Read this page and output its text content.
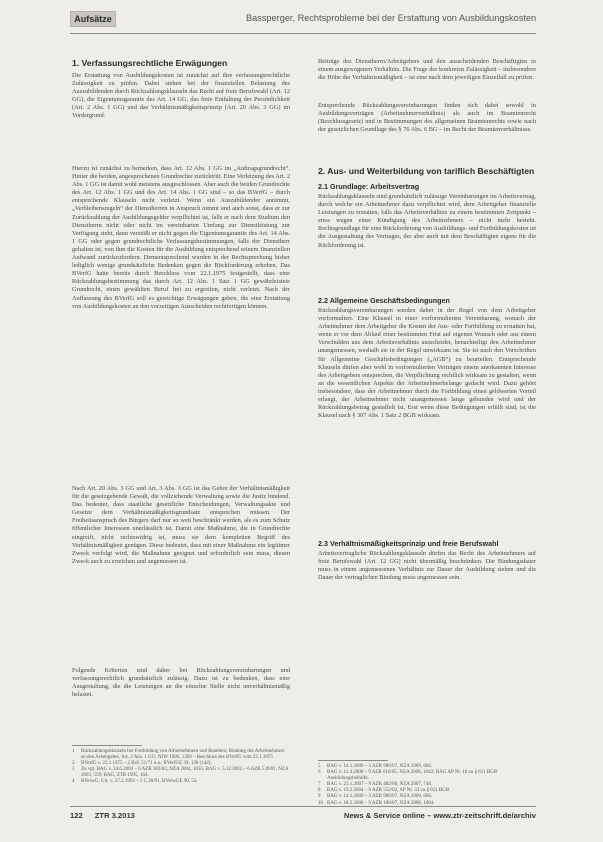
Aufsätze	Bassperger, Rechtsprobleme bei der Erstattung von Ausbildungskosten
1. Verfassungsrechtliche Erwägungen

Die Erstattung von Ausbildungskosten ist zunächst auf ihre verfassungsrechtliche Zulässigkeit zu prüfen. Dabei stehen bei der finanziellen Belastung des Auszubildenden durch Rückzahlungsklauseln das Recht auf freie Berufswahl (Art. 12 GG), die Eigentumsgarantie des Art. 14 GG, das freie Entfaltung der Persönlichkeit (Art. 2 Abs. 1 GG) und das Verhältnismäßigkeitsprinzip (Art. 20 Abs. 3 GG) im Vordergrund.

Hierzu ist zunächst zu bemerken, dass Art. 12 Abs. 1 GG im „Auftragsgrundrecht“. Hinter die beiden, angesprochenen Grundrechte zurücktritt. Eine Verletzung des Art. 2 Abs. 1 GG ist damit wohl meistens ausgeschlossen. Aber auch die beiden Grundrechte des Art. 12 Abs. 1 GG und des Art. 14 Abs. 1 GG sind – so das BVerfG – durch entsprechende Klauseln nicht verletzt. Wenn ein Auszubildender annimmt, „Verbleibensregeln“ der Dienstherren in Anspruch nimmt und auch sonst, dass er zur Zurückzahlung der Ausbildungsgelder verpflichtet ist, falls er nach dem Studium den Dienstherrn nicht oder nicht im vereinbarten Umfang zur Dienstleistung zur Verfügung steht, dann verstößt er nicht gegen die Eigentumsgarantie des Art. 14 Abs. 1 GG oder gegen grundrechtliche Verfassungsbestimmungen, falls der Dienstherr gehalten ist, von ihm die Kosten für die Ausbildung entsprechend seinem finanziellen Aufwand zurückzufordern. Dementsprechend wurden in der Rechtsprechung bisher lediglich wenige grundsätzliche Bedenken gegen die Rückforderung erhoben. Das BVerfG hatte bereits durch Beschluss vom 22.1.1975 festgestellt, dass eine Rückzahlungsbestimmung das durch Art. 12 Abs. 1 Satz 1 GG gewährleistete Grundrecht, einen gewählten Beruf frei zu ergreifen, nicht verletzt. Nach der Auffassung des BVerfG soll es gewichtige Erwägungen geben, die eine Erstattung von Ausbildungskosten an den vorzeitigen Ausscheiden rechtfertigen können.

Nach Art. 20 Abs. 3 GG und Art. 3 Abs. 3 GG ist das Gebot der Verhältnismäßigkeit für die gesetzgebende Gewalt, die vollziehende Verwaltung sowie die Justiz bindend. Das bedeutet, dass staatliche gesetzliche Entscheidungen, Verwaltungsakte und Gesetze dem Verhältnismäßigkeitsgrundsatz entsprechen müssen. Der Freiheitsanspruch des Bürgers darf nur so weit beschränkt werden, als es zum Schutz öffentlicher Interessen unerlässlich ist. Damit eine Maßnahme, die in Grundrechte eingreift, nicht rechtswidrig ist, muss sie dem kompletten Begriff des Verhältnismäßigkeit genügen. Diese bedeutet, dass mit einer Maßnahme ein legitimer Zweck verfolgt wird, die Maßnahme geeignet und erforderlich sein muss, diesen Zweck auch zu erreichen und angemessen ist.

Folgende Kriterien sind daher bei Rückzahlungsvereinbarungen und verfassungsrechtlich grundsätzlich zulässig. Dazu ist zu bedenken, dass eine Ausgestaltung, die die Leistungen an die einzelne Stelle nicht unverhältnismäßig belastet.

1	Rückzahlungsklauseln bei Fortbildung von Arbeitnehmern und Beamten; Bindung des Arbeitnehmers an den Arbeitgeber, Art. 2 Abs. 1 GG; NJW 1986, 1369 – Beschluss des BVerfG vom 22.1.1975
2	BVerfG v. 22.1.1975 – 2 BvL 51/71 u.a., BVerfGE 39, 128 (142).
3	Zu vgl. BAG v. 24.6.2004 – 6 AZR 383/03, NZA 2004, 1035; BAG v. 5.12.2002 – 6 AZR 539/01, NZA 2003, 559; BAG, ZTR 1995, 164.
4	BVerwG, Urt. v. 27.2.1992 – 2 C 28/91, BVerwGE 90, 53.

Beiträge des Dienstherrn/Arbeitgebers und den ausscheidenden Beschäftigten in einem ausgewogenen Verhältnis. Die Frage der konkreten Zulässigkeit – insbesondere die Höhe der Verhältnismäßigkeit – ist eine nach dem jeweiligen Einzelfall zu prüfen.

Entsprechende Rückzahlungsvereinbarungen finden sich dabei sowohl in Ausbildungsverträgen (Arbeitnehmerverhältnis) als auch im Beamtenrecht (Beschlussgesetz) und in Bestimmungen des allgemeinen Beamtenrechts sowie nach der gesetzlichen Grundlage des § 76 Abs. 6 BG – im Recht der Beamtenverhältnisse.

2. Aus- und Weiterbildung von tariflich Beschäftigten
2.1 Grundlage: Arbeitsvertrag

Rückzahlungsklauseln sind grundsätzlich zulässige Vereinbarungen im Arbeitsvertrag, durch welche ein Arbeitnehmer dazu verpflichtet wird, dem Arbeitgeber finanzielle Leistungen zu erstatten, falls das Arbeitsverhältnis zu einem bestimmten Zeitpunkt – etwa wegen einer Kündigung des Arbeitnehmers – nicht mehr besteht. Rechtsgrundlage für eine Rückforderung von Ausbildungs- und Fortbildungskosten ist die Ausgestaltung des Vertrages, der aber auch mit dem Beschäftigten eigens für die Rückforderung ist.

2.2 Allgemeine Geschäftsbedingungen

Rückzahlungsvereinbarungen werden daher in der Regel von dem Arbeitgeber vorformuliert. Eine Klausel in einer vorformulierten Vereinbarung, wonach der Arbeitnehmer dem Arbeitgeber die Kosten der Aus- oder Fortbildung zu erstatten hat, wenn er vor dem Ablauf einer bestimmten Frist auf eigenen Wunsch oder aus einem Verschulden aus dem Arbeitsverhältnis ausscheidet, benachteiligt den Arbeitnehmer unangemessen, weshalb sie in der Regel unwirksam ist. Sie ist nach den Vorschriften für Allgemeine Geschäftsbedingungen („AGB“) zu beurteilen. Entsprechende Klauseln dürfen aber wohl in vorformulierten Verträgen einem anerkannten Interesse des Arbeitgebers entsprechen, die Verpflichtung rechtlich wirksam zu gestalten, wenn an die wesentlichen Aspekte der Arbeitnehmerbelange gedacht wird. Dazu gehört insbesondere, dass der Arbeitnehmer durch die Fortbildung einen geldwerten Vorteil erlangt, der Arbeitnehmer nicht unangemessen lange gebunden wird und der Rückzahlungsbetrag gestaffelt ist. Erst wenn diese Bedingungen erfüllt sind, ist die Klausel nach § 307 Abs. 1 Satz 2 BGB wirksam.

2.3 Verhältnismäßigkeitsprinzip und freie Berufswahl

Arbeitsvertragliche Rückzahlungsklauseln dürfen das Recht des Arbeitnehmers auf freie Berufswahl (Art. 12 GG) nicht übermäßig beschränken. Die Bindungsdauer muss in einem angemessenen Verhältnis zur Dauer der Ausbildung stehen und die Dauer der vertraglichen Bindung muss angemessen sein.

5	BAG v. 14.1.2009 – 3 AZR 900/07, NZA 2009, 666.
6	BAG v. 11.4.2006 – 9 AZR 610/05, NZA 2006, 1042; BAG AP Nr. 10 zu § 611 BGB Ausbildungsbeihilfe.
7	BAG v. 23.1.2007 – 9 AZR 482/06, NZA 2007, 748.
8	BAG v. 19.2.2004 – 6 AZR 552/02, AP Nr. 33 zu § 611 BGB.
9	BAG v. 14.1.2009 – 3 AZR 900/07, NZA 2009, 666.
10 BAG v. 18.3.2008 – 9 AZR 186/07, NZA 2008, 1004.
122 ZTR 3.2013	News & Service online – www.ztr-zeitschrift.de/archiv
